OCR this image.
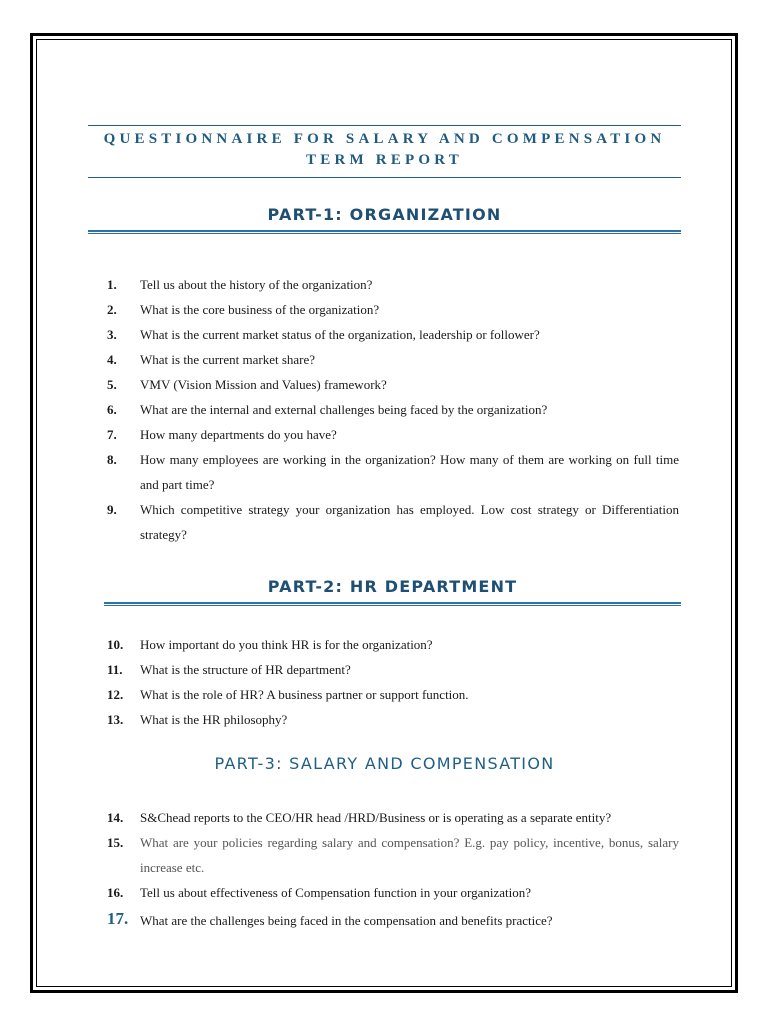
QUESTIONNAIRE FOR SALARY AND COMPENSATION
TERM REPORT
PART-1: ORGANIZATION
1. Tell us about the history of the organization?
2. What is the core business of the organization?
3. What is the current market status of the organization, leadership or follower?
4. What is the current market share?
5. VMV (Vision Mission and Values) framework?
6. What are the internal and external challenges being faced by the organization?
7. How many departments do you have?
8. How many employees are working in the organization? How many of them are working on full time and part time?
9. Which competitive strategy your organization has employed. Low cost strategy or Differentiation strategy?
PART-2: HR DEPARTMENT
10. How important do you think HR is for the organization?
11. What is the structure of HR department?
12. What is the role of HR? A business partner or support function.
13. What is the HR philosophy?
PART-3: SALARY AND COMPENSATION
14. S&Chead reports to the CEO/HR head /HRD/Business or is operating as a separate entity?
15. What are your policies regarding salary and compensation? E.g. pay policy, incentive, bonus, salary increase etc.
16. Tell us about effectiveness of Compensation function in your organization?
17. What are the challenges being faced in the compensation and benefits practice?
